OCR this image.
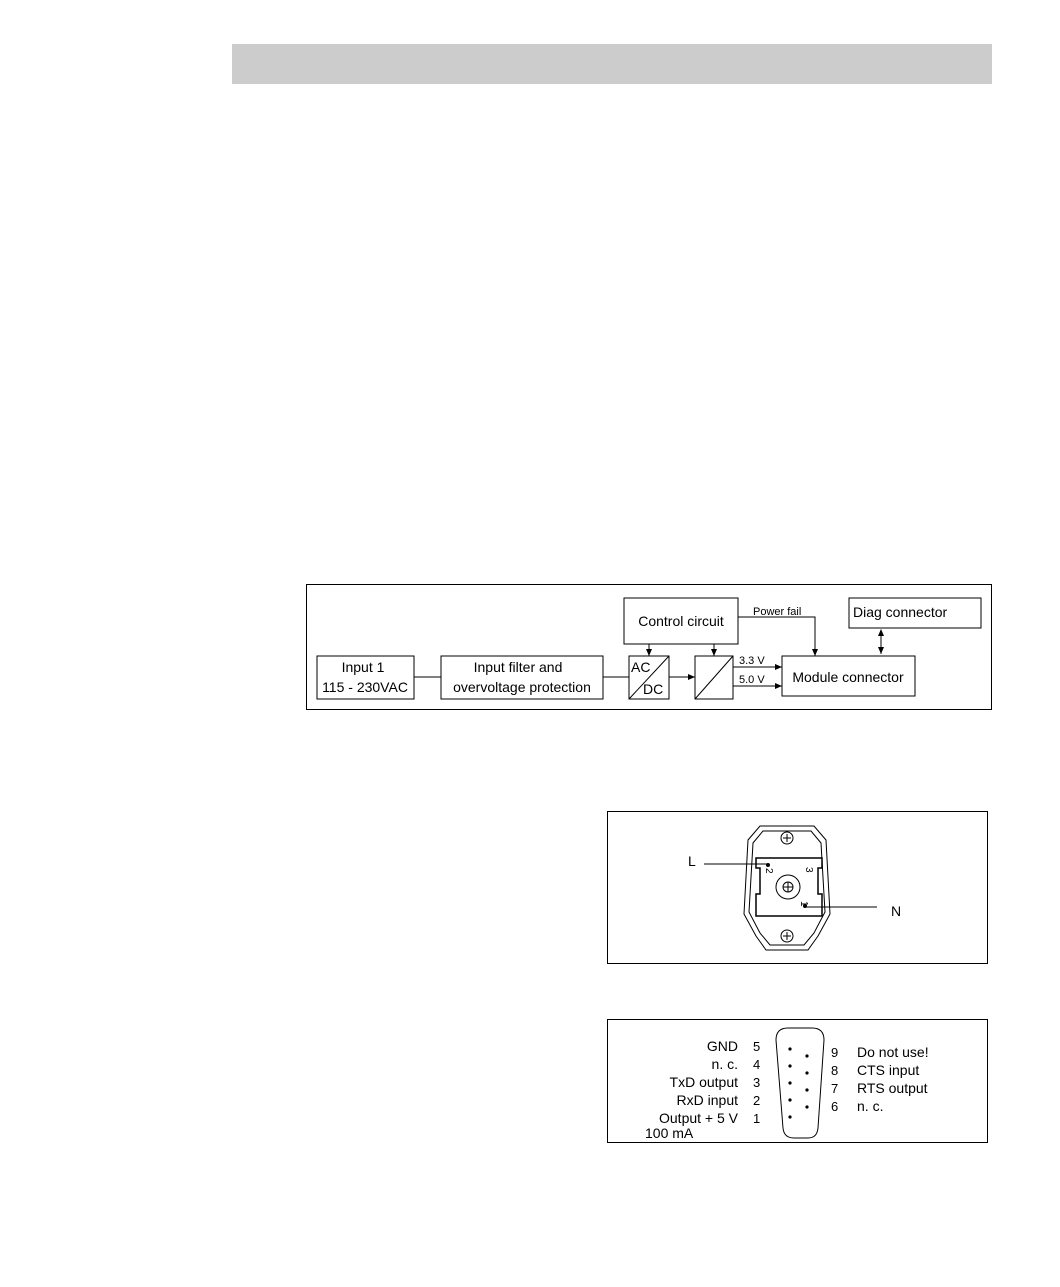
Input 1
115 - 230VAC
Input filter and
overvoltage protection
AC
DC
Control circuit
Power fail	Diag connector
3.3 V
5.0 V Module connector
L
N
2	3
1
GND
n. c.
TxD output
RxD input
Output + 5 V
100 mA
5
4
3
2
1
9
8
7
6
Do not use!
CTS input
RTS output
n. c.
